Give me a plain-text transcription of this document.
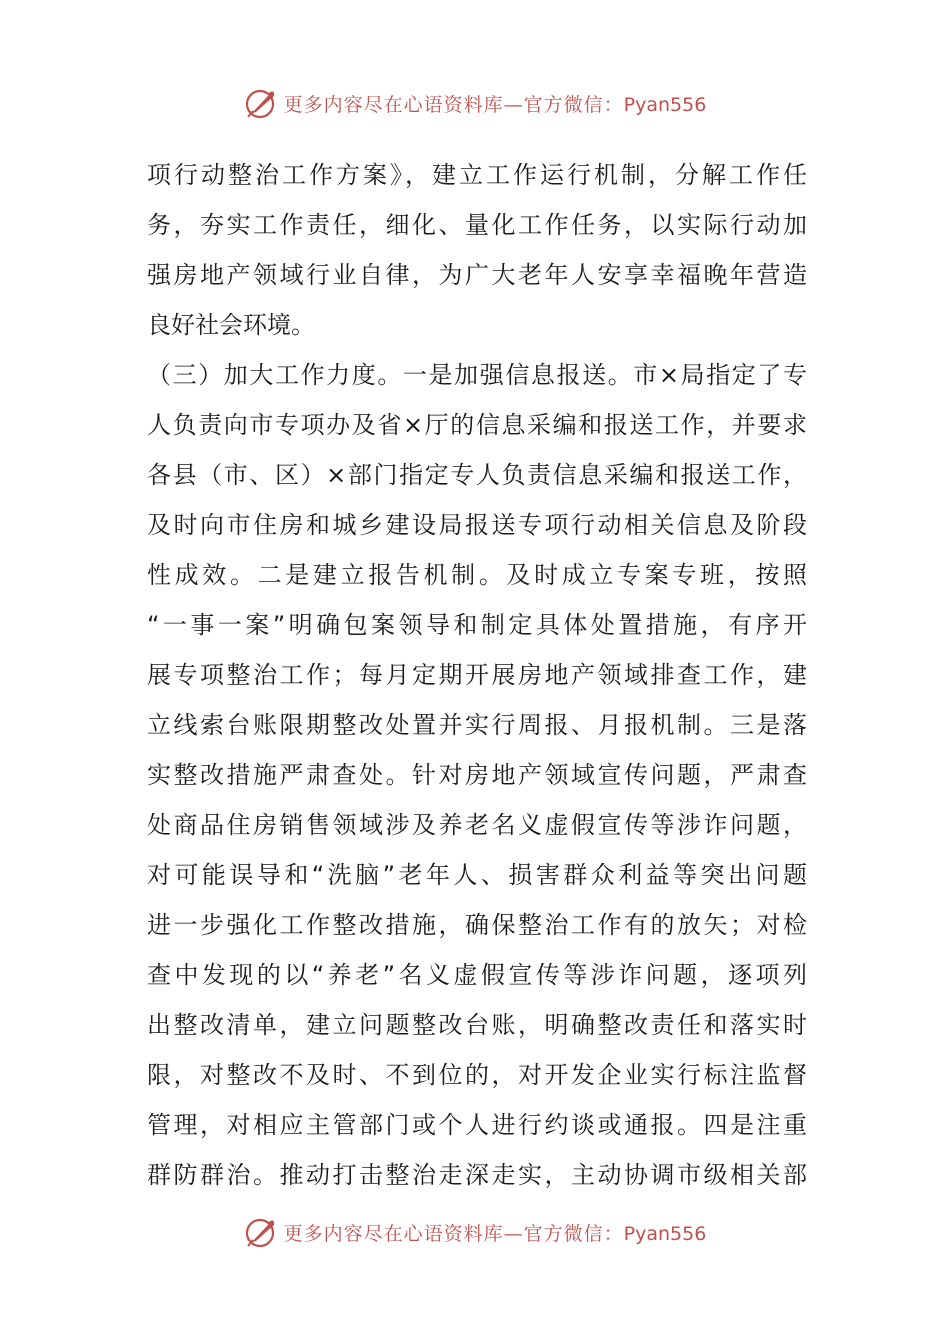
更多内容尽在心语资料库—官方微信：Pyan556
项行动整治工作方案》，建立工作运行机制，分解工作任
务，夯实工作责任，细化、量化工作任务，以实际行动加
强房地产领域行业自律，为广大老年人安享幸福晚年营造
良好社会环境。
（三）加大工作力度。一是加强信息报送。市×局指定了专
人负责向市专项办及省×厅的信息采编和报送工作，并要求
各县（市、区）×部门指定专人负责信息采编和报送工作，
及时向市住房和城乡建设局报送专项行动相关信息及阶段
性成效。二是建立报告机制。及时成立专案专班，按照
“一事一案”明确包案领导和制定具体处置措施，有序开
展专项整治工作；每月定期开展房地产领域排查工作，建
立线索台账限期整改处置并实行周报、月报机制。三是落
实整改措施严肃查处。针对房地产领域宣传问题，严肃查
处商品住房销售领域涉及养老名义虚假宣传等涉诈问题，
对可能误导和“洗脑”老年人、损害群众利益等突出问题
进一步强化工作整改措施，确保整治工作有的放矢；对检
查中发现的以“养老”名义虚假宣传等涉诈问题，逐项列
出整改清单，建立问题整改台账，明确整改责任和落实时
限，对整改不及时、不到位的，对开发企业实行标注监督
管理，对相应主管部门或个人进行约谈或通报。四是注重
群防群治。推动打击整治走深走实，主动协调市级相关部
更多内容尽在心语资料库—官方微信：Pyan556
